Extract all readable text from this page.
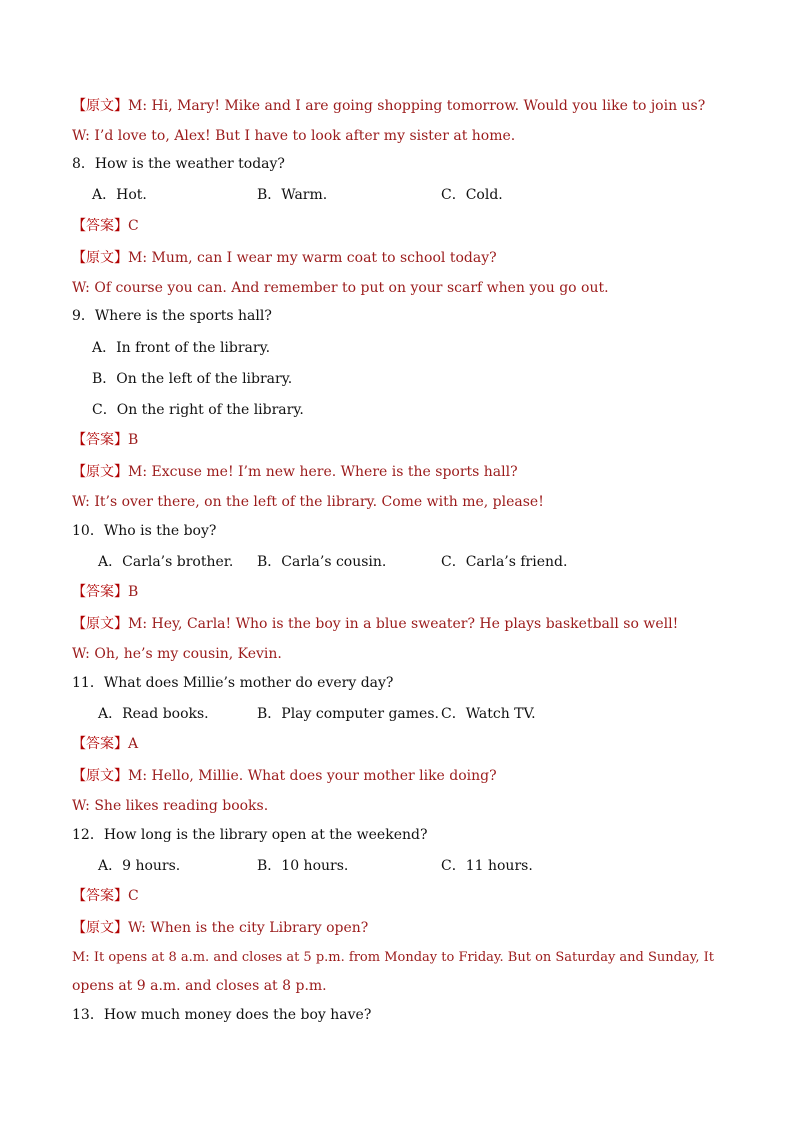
【原文】M: Hi, Mary! Mike and I are going shopping tomorrow. Would you like to join us?
W: I’d love to, Alex! But I have to look after my sister at home.
8．How is the weather today?
A．Hot.	B．Warm.	C．Cold.
【答案】C
【原文】M: Mum, can I wear my warm coat to school today?
W: Of course you can. And remember to put on your scarf when you go out.
9．Where is the sports hall?
A．In front of the library.
B．On the left of the library.
C．On the right of the library.
【答案】B
【原文】M: Excuse me! I’m new here. Where is the sports hall?
W: It’s over there, on the left of the library. Come with me, please!
10．Who is the boy?
A．Carla’s brother. B．Carla’s cousin.	C．Carla’s friend.
【答案】B
【原文】M: Hey, Carla! Who is the boy in a blue sweater? He plays basketball so well!
W: Oh, he’s my cousin, Kevin.
11．What does Millie’s mother do every day?
A．Read books.	B．Play computer games. C．Watch TV.
【答案】A
【原文】M: Hello, Millie. What does your mother like doing?
W: She likes reading books.
12．How long is the library open at the weekend?
A．9 hours.	B．10 hours.	C．11 hours.
【答案】C
【原文】W: When is the city Library open?
M: It opens at 8 a.m. and closes at 5 p.m. from Monday to Friday. But on Saturday and Sunday, It
opens at 9 a.m. and closes at 8 p.m.
13．How much money does the boy have?
